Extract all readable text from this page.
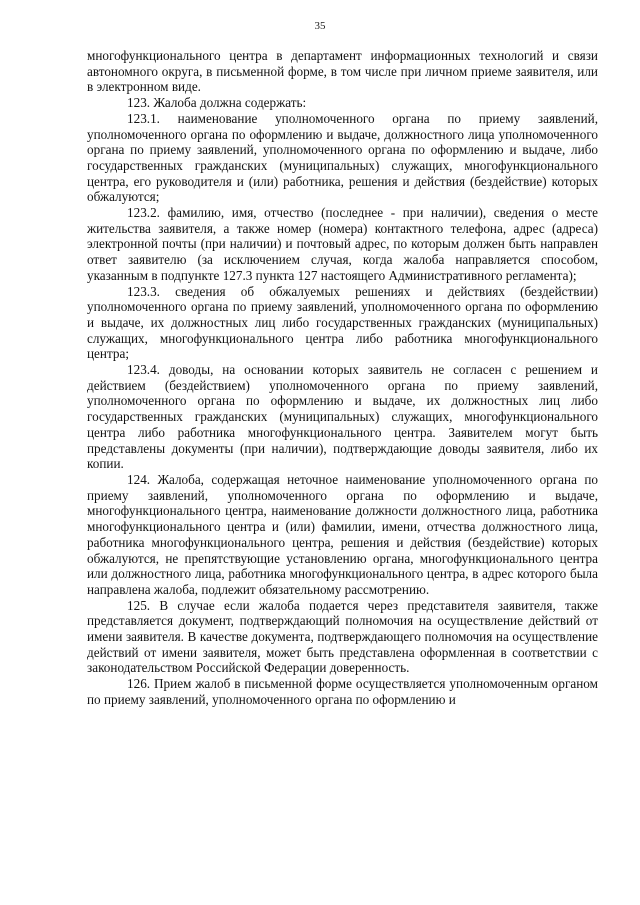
35

многофункционального центра в департамент информационных технологий и связи автономного округа, в письменной форме, в том числе при личном приеме заявителя, или в электронном виде.

123. Жалоба должна содержать:

123.1. наименование уполномоченного органа по приему заявлений, уполномоченного органа по оформлению и выдаче, должностного лица уполномоченного органа по приему заявлений, уполномоченного органа по оформлению и выдаче, либо государственных гражданских (муниципальных) служащих, многофункционального центра, его руководителя и (или) работника, решения и действия (бездействие) которых обжалуются;

123.2. фамилию, имя, отчество (последнее - при наличии), сведения о месте жительства заявителя, а также номер (номера) контактного телефона, адрес (адреса) электронной почты (при наличии) и почтовый адрес, по которым должен быть направлен ответ заявителю (за исключением случая, когда жалоба направляется способом, указанным в подпункте 127.3 пункта 127 настоящего Административного регламента);

123.3. сведения об обжалуемых решениях и действиях (бездействии) уполномоченного органа по приему заявлений, уполномоченного органа по оформлению и выдаче, их должностных лиц либо государственных гражданских (муниципальных) служащих, многофункционального центра либо работника многофункционального центра;

123.4. доводы, на основании которых заявитель не согласен с решением и действием (бездействием) уполномоченного органа по приему заявлений, уполномоченного органа по оформлению и выдаче, их должностных лиц либо государственных гражданских (муниципальных) служащих, многофункционального центра либо работника многофункционального центра. Заявителем могут быть представлены документы (при наличии), подтверждающие доводы заявителя, либо их копии.

124. Жалоба, содержащая неточное наименование уполномоченного органа по приему заявлений, уполномоченного органа по оформлению и выдаче, многофункционального центра, наименование должности должностного лица, работника многофункционального центра и (или) фамилии, имени, отчества должностного лица, работника многофункционального центра, решения и действия (бездействие) которых обжалуются, не препятствующие установлению органа, многофункционального центра или должностного лица, работника многофункционального центра, в адрес которого была направлена жалоба, подлежит обязательному рассмотрению.

125. В случае если жалоба подается через представителя заявителя, также представляется документ, подтверждающий полномочия на осуществление действий от имени заявителя. В качестве документа, подтверждающего полномочия на осуществление действий от имени заявителя, может быть представлена оформленная в соответствии с законодательством Российской Федерации доверенность.

126. Прием жалоб в письменной форме осуществляется уполномоченным органом по приему заявлений, уполномоченного органа по оформлению и
